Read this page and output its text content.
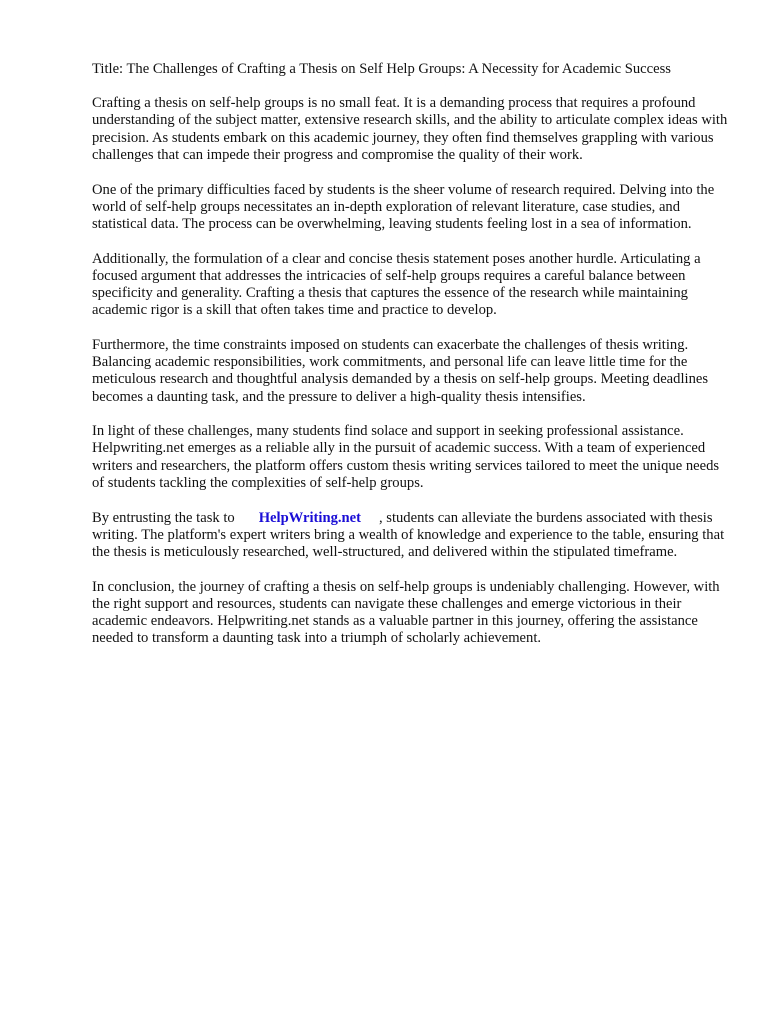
Title: The Challenges of Crafting a Thesis on Self Help Groups: A Necessity for Academic Success

Crafting a thesis on self-help groups is no small feat. It is a demanding process that requires a profound understanding of the subject matter, extensive research skills, and the ability to articulate complex ideas with precision. As students embark on this academic journey, they often find themselves grappling with various challenges that can impede their progress and compromise the quality of their work.

One of the primary difficulties faced by students is the sheer volume of research required. Delving into the world of self-help groups necessitates an in-depth exploration of relevant literature, case studies, and statistical data. The process can be overwhelming, leaving students feeling lost in a sea of information.

Additionally, the formulation of a clear and concise thesis statement poses another hurdle. Articulating a focused argument that addresses the intricacies of self-help groups requires a careful balance between specificity and generality. Crafting a thesis that captures the essence of the research while maintaining academic rigor is a skill that often takes time and practice to develop.

Furthermore, the time constraints imposed on students can exacerbate the challenges of thesis writing. Balancing academic responsibilities, work commitments, and personal life can leave little time for the meticulous research and thoughtful analysis demanded by a thesis on self-help groups. Meeting deadlines becomes a daunting task, and the pressure to deliver a high-quality thesis intensifies.

In light of these challenges, many students find solace and support in seeking professional assistance. Helpwriting.net emerges as a reliable ally in the pursuit of academic success. With a team of experienced writers and researchers, the platform offers custom thesis writing services tailored to meet the unique needs of students tackling the complexities of self-help groups.

By entrusting the task to HelpWriting.net , students can alleviate the burdens associated with thesis writing. The platform's expert writers bring a wealth of knowledge and experience to the table, ensuring that the thesis is meticulously researched, well-structured, and delivered within the stipulated timeframe.

In conclusion, the journey of crafting a thesis on self-help groups is undeniably challenging. However, with the right support and resources, students can navigate these challenges and emerge victorious in their academic endeavors. Helpwriting.net stands as a valuable partner in this journey, offering the assistance needed to transform a daunting task into a triumph of scholarly achievement.
